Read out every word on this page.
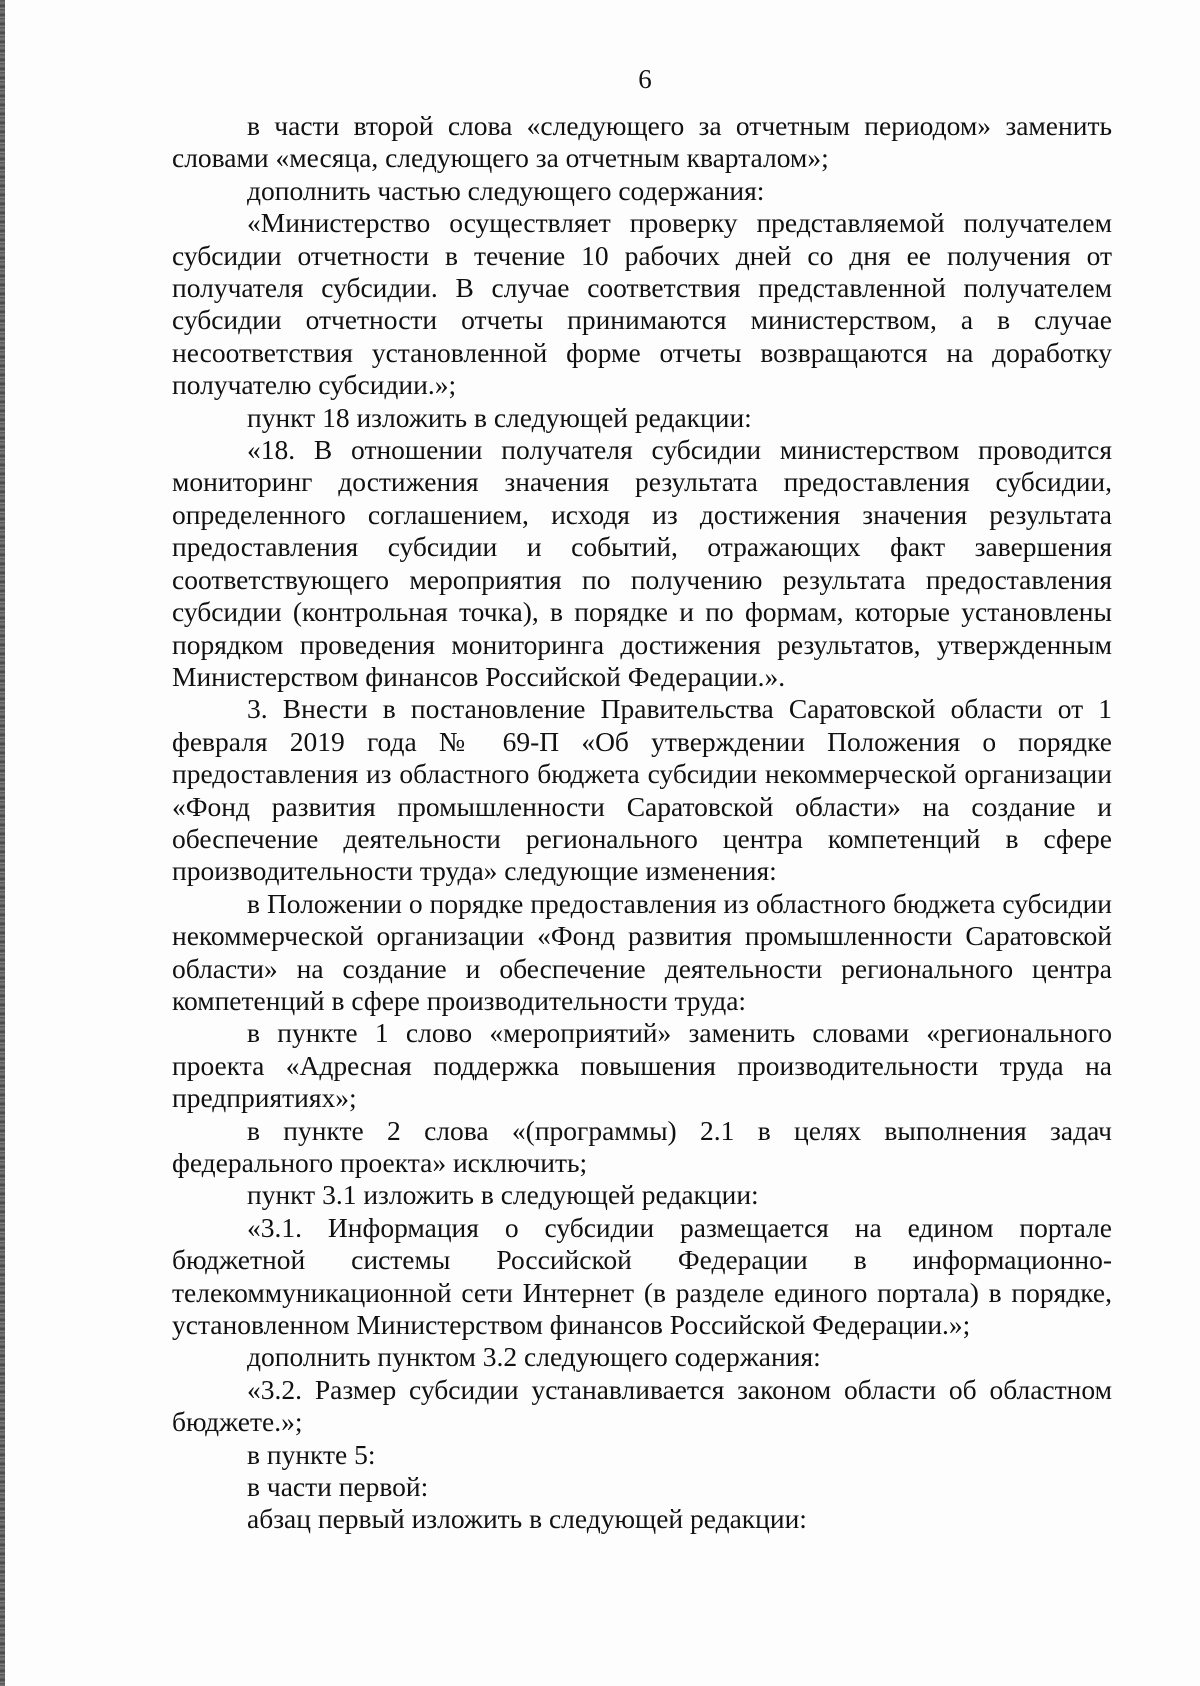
6

в части второй слова «следующего за отчетным периодом» заменить словами «месяца, следующего за отчетным кварталом»;

дополнить частью следующего содержания:

«Министерство осуществляет проверку представляемой получателем субсидии отчетности в течение 10 рабочих дней со дня ее получения от получателя субсидии. В случае соответствия представленной получателем субсидии отчетности отчеты принимаются министерством, а в случае несоответствия установленной форме отчеты возвращаются на доработку получателю субсидии.»;

пункт 18 изложить в следующей редакции:

«18. В отношении получателя субсидии министерством проводится мониторинг достижения значения результата предоставления субсидии, определенного соглашением, исходя из достижения значения результата предоставления субсидии и событий, отражающих факт завершения соответствующего мероприятия по получению результата предоставления субсидии (контрольная точка), в порядке и по формам, которые установлены порядком проведения мониторинга достижения результатов, утвержденным Министерством финансов Российской Федерации.».

3. Внести в постановление Правительства Саратовской области от 1 февраля 2019 года № 69-П «Об утверждении Положения о порядке предоставления из областного бюджета субсидии некоммерческой организации «Фонд развития промышленности Саратовской области» на создание и обеспечение деятельности регионального центра компетенций в сфере производительности труда» следующие изменения:

в Положении о порядке предоставления из областного бюджета субсидии некоммерческой организации «Фонд развития промышленности Саратовской области» на создание и обеспечение деятельности регионального центра компетенций в сфере производительности труда:

в пункте 1 слово «мероприятий» заменить словами «регионального проекта «Адресная поддержка повышения производительности труда на предприятиях»;

в пункте 2 слова «(программы) 2.1 в целях выполнения задач федерального проекта» исключить;

пункт 3.1 изложить в следующей редакции:

«3.1. Информация о субсидии размещается на едином портале бюджетной системы Российской Федерации в информационно-телекоммуникационной сети Интернет (в разделе единого портала) в порядке, установленном Министерством финансов Российской Федерации.»;

дополнить пунктом 3.2 следующего содержания:

«3.2. Размер субсидии устанавливается законом области об областном бюджете.»;

в пункте 5:

в части первой:

абзац первый изложить в следующей редакции:
